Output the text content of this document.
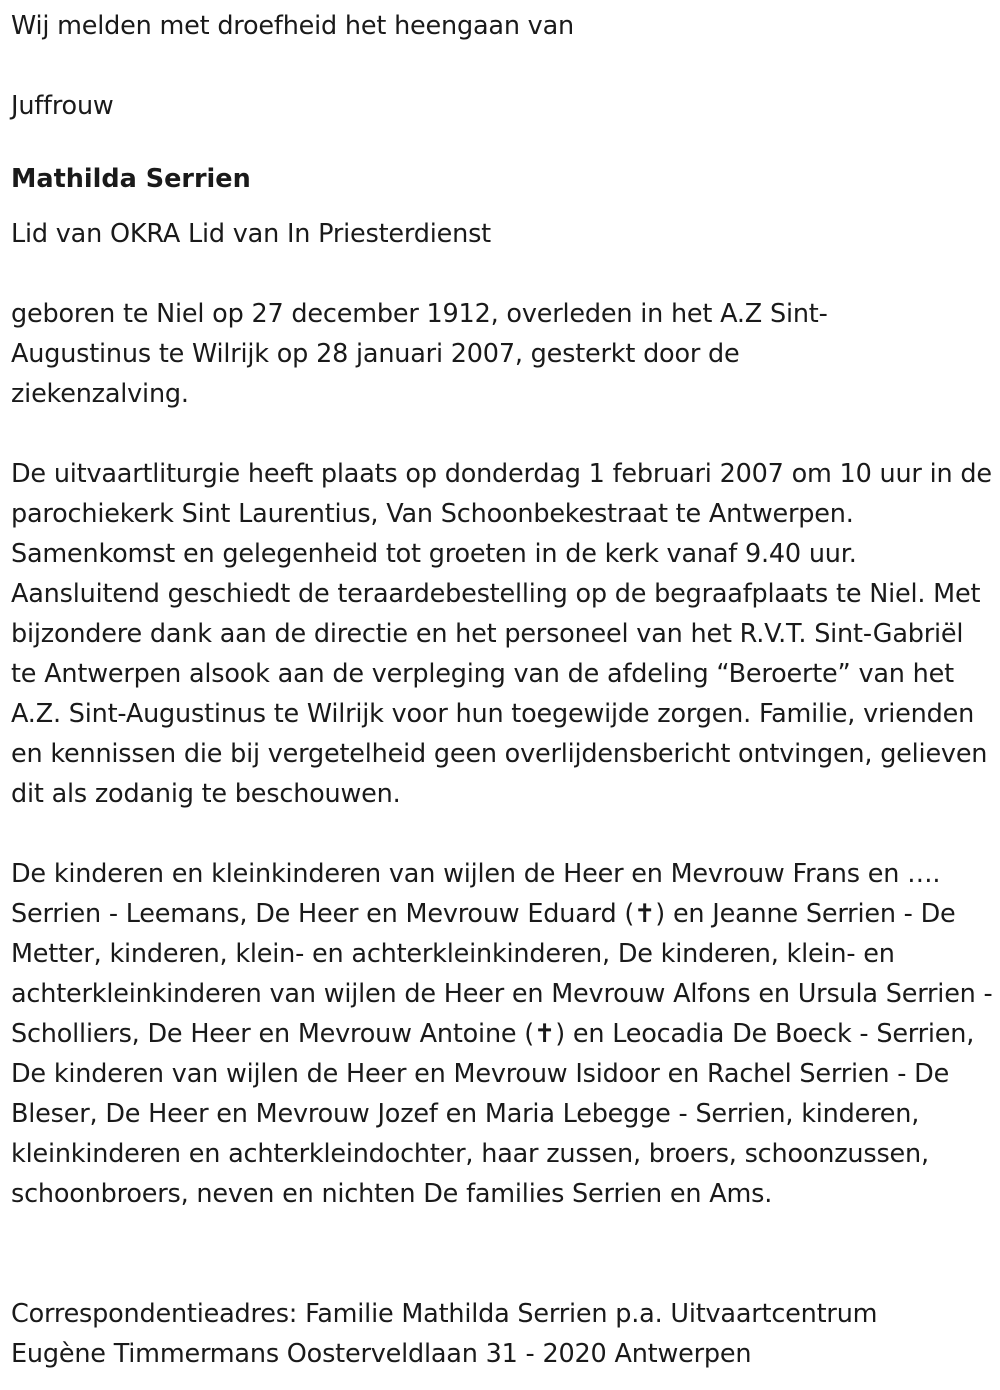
Wij melden met droefheid het heengaan van

Juffrouw

Mathilda Serrien

Lid van OKRA Lid van In Priesterdienst

geboren te Niel op 27 december 1912, overleden in het A.Z Sint-Augustinus te Wilrijk op 28 januari 2007, gesterkt door de ziekenzalving.

De uitvaartliturgie heeft plaats op donderdag 1 februari 2007 om 10 uur in de parochiekerk Sint Laurentius, Van Schoonbekestraat te Antwerpen. Samenkomst en gelegenheid tot groeten in de kerk vanaf 9.40 uur. Aansluitend geschiedt de teraardebestelling op de begraafplaats te Niel. Met bijzondere dank aan de directie en het personeel van het R.V.T. Sint-Gabriël te Antwerpen alsook aan de verpleging van de afdeling “Beroerte” van het A.Z. Sint-Augustinus te Wilrijk voor hun toegewijde zorgen. Familie, vrienden en kennissen die bij vergetelheid geen overlijdensbericht ontvingen, gelieven dit als zodanig te beschouwen.

De kinderen en kleinkinderen van wijlen de Heer en Mevrouw Frans en …. Serrien - Leemans, De Heer en Mevrouw Eduard (✝) en Jeanne Serrien - De Metter, kinderen, klein- en achterkleinkinderen, De kinderen, klein- en achterkleinkinderen van wijlen de Heer en Mevrouw Alfons en Ursula Serrien - Scholliers, De Heer en Mevrouw Antoine (✝) en Leocadia De Boeck - Serrien, De kinderen van wijlen de Heer en Mevrouw Isidoor en Rachel Serrien - De Bleser, De Heer en Mevrouw Jozef en Maria Lebegge - Serrien, kinderen, kleinkinderen en achterkleindochter, haar zussen, broers, schoonzussen, schoonbroers, neven en nichten De families Serrien en Ams.

Correspondentieadres: Familie Mathilda Serrien p.a. Uitvaartcentrum Eugène Timmermans Oosterveldlaan 31 - 2020 Antwerpen
